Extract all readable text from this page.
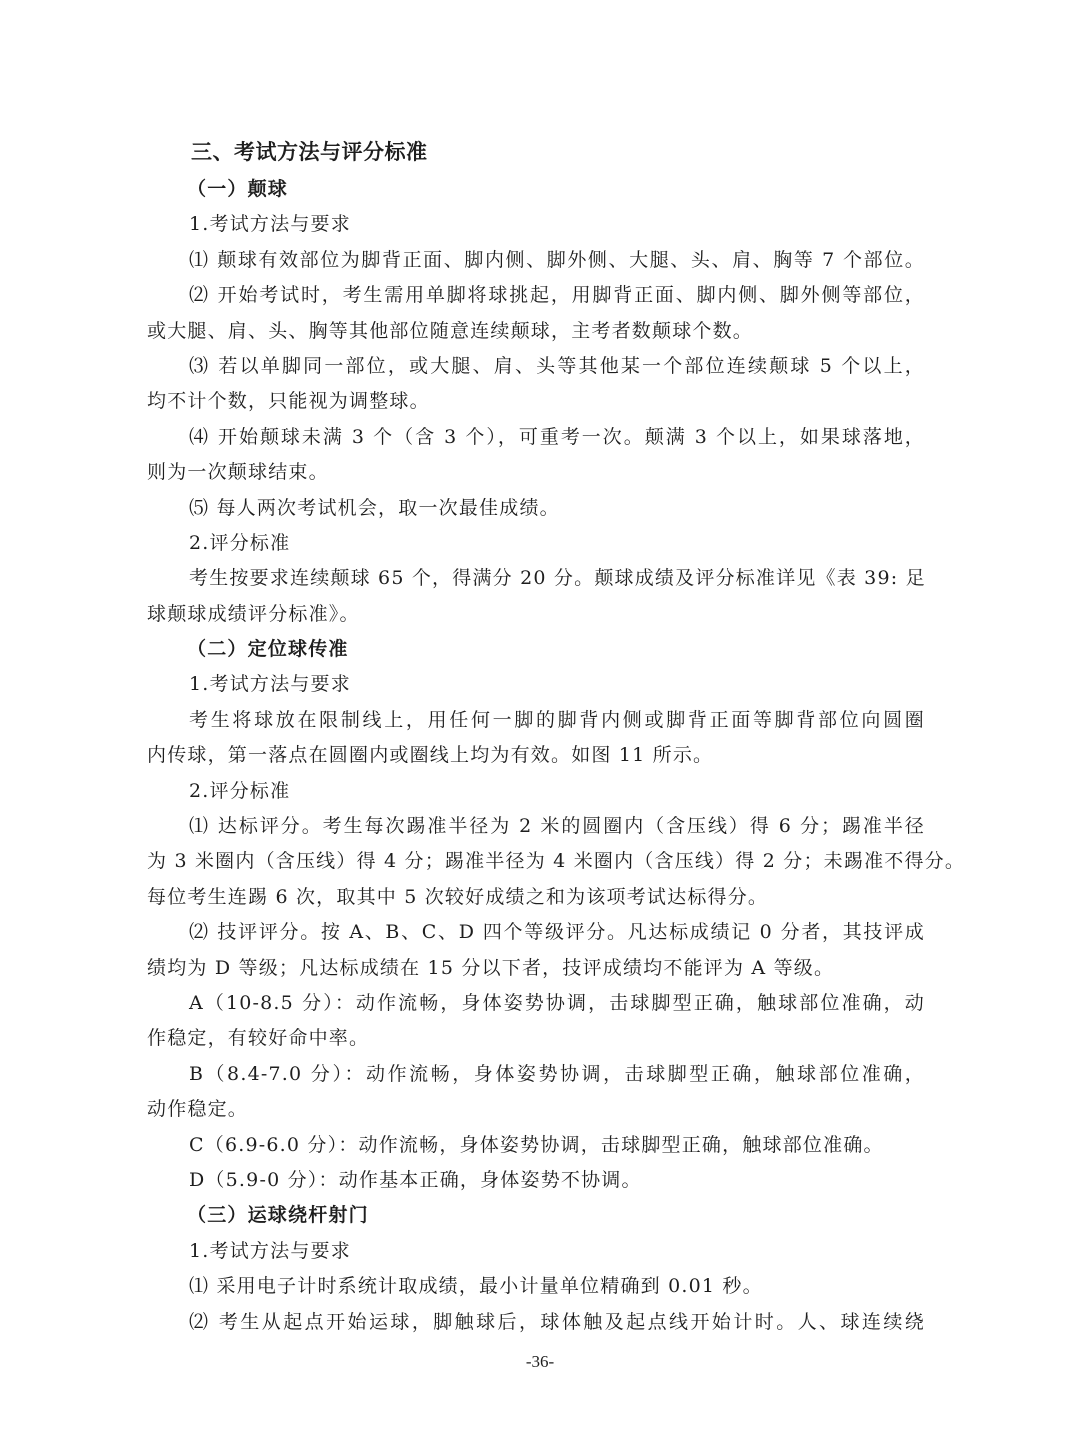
三、考试方法与评分标准
（一）颠球
1.考试方法与要求
⑴ 颠球有效部位为脚背正面、脚内侧、脚外侧、大腿、头、肩、胸等 7 个部位。
⑵ 开始考试时，考生需用单脚将球挑起，用脚背正面、脚内侧、脚外侧等部位，
或大腿、肩、头、胸等其他部位随意连续颠球，主考者数颠球个数。
⑶ 若以单脚同一部位，或大腿、肩、头等其他某一个部位连续颠球 5 个以上，
均不计个数，只能视为调整球。
⑷ 开始颠球未满 3 个（含 3 个），可重考一次。颠满 3 个以上，如果球落地，
则为一次颠球结束。
⑸ 每人两次考试机会，取一次最佳成绩。
2.评分标准
考生按要求连续颠球 65 个，得满分 20 分。颠球成绩及评分标准详见《表 39: 足
球颠球成绩评分标准》。
（二）定位球传准
1.考试方法与要求
考生将球放在限制线上，用任何一脚的脚背内侧或脚背正面等脚背部位向圆圈
内传球，第一落点在圆圈内或圈线上均为有效。如图 11 所示。
2.评分标准
⑴ 达标评分。考生每次踢准半径为 2 米的圆圈内（含压线）得 6 分；踢准半径
为 3 米圈内（含压线）得 4 分；踢准半径为 4 米圈内（含压线）得 2 分；未踢准不得分。
每位考生连踢 6 次，取其中 5 次较好成绩之和为该项考试达标得分。
⑵ 技评评分。按 A、B、C、D 四个等级评分。凡达标成绩记 0 分者，其技评成
绩均为 D 等级；凡达标成绩在 15 分以下者，技评成绩均不能评为 A 等级。
A（10-8.5 分）：动作流畅，身体姿势协调，击球脚型正确，触球部位准确，动
作稳定，有较好命中率。
B（8.4-7.0 分）：动作流畅，身体姿势协调，击球脚型正确，触球部位准确，
动作稳定。
C（6.9-6.0 分）：动作流畅，身体姿势协调，击球脚型正确，触球部位准确。
D（5.9-0 分）：动作基本正确，身体姿势不协调。
（三）运球绕杆射门
1.考试方法与要求
⑴ 采用电子计时系统计取成绩，最小计量单位精确到 0.01 秒。
⑵ 考生从起点开始运球，脚触球后，球体触及起点线开始计时。人、球连续绕
-36-
